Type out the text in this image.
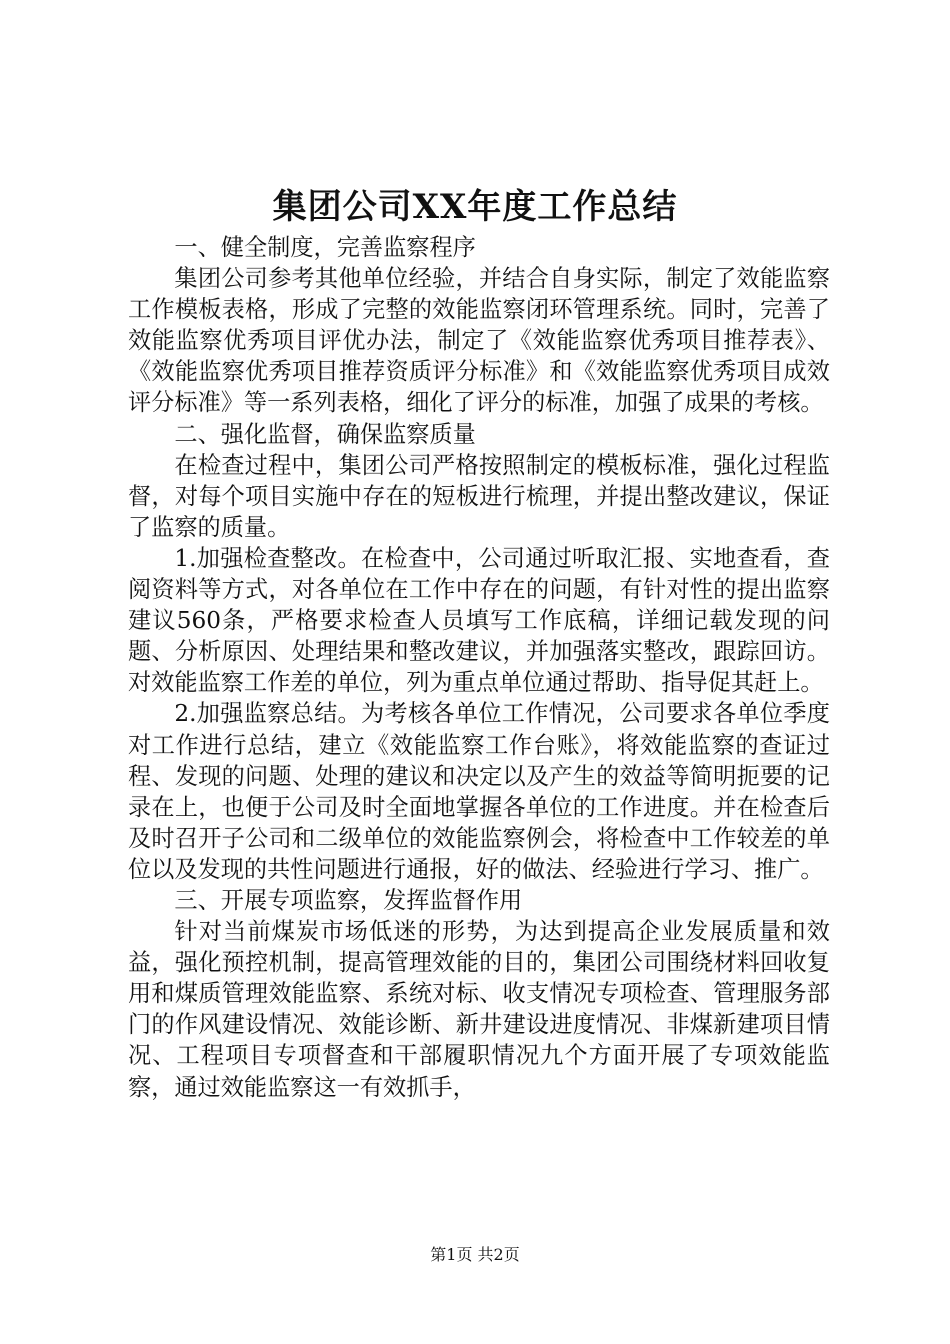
集团公司XX年度工作总结

一、健全制度，完善监察程序

集团公司参考其他单位经验，并结合自身实际，制定了效能监察工作模板表格，形成了完整的效能监察闭环管理系统。同时，完善了效能监察优秀项目评优办法，制定了《效能监察优秀项目推荐表》、《效能监察优秀项目推荐资质评分标准》和《效能监察优秀项目成效评分标准》等一系列表格，细化了评分的标准，加强了成果的考核。

二、强化监督，确保监察质量

在检查过程中，集团公司严格按照制定的模板标准，强化过程监督，对每个项目实施中存在的短板进行梳理，并提出整改建议，保证了监察的质量。

1.加强检查整改。在检查中，公司通过听取汇报、实地查看，查阅资料等方式，对各单位在工作中存在的问题，有针对性的提出监察建议560条，严格要求检查人员填写工作底稿，详细记载发现的问题、分析原因、处理结果和整改建议，并加强落实整改，跟踪回访。对效能监察工作差的单位，列为重点单位通过帮助、指导促其赶上。

2.加强监察总结。为考核各单位工作情况，公司要求各单位季度对工作进行总结，建立《效能监察工作台账》，将效能监察的查证过程、发现的问题、处理的建议和决定以及产生的效益等简明扼要的记录在上，也便于公司及时全面地掌握各单位的工作进度。并在检查后及时召开子公司和二级单位的效能监察例会，将检查中工作较差的单位以及发现的共性问题进行通报，好的做法、经验进行学习、推广。

三、开展专项监察，发挥监督作用

针对当前煤炭市场低迷的形势，为达到提高企业发展质量和效益，强化预控机制，提高管理效能的目的，集团公司围绕材料回收复用和煤质管理效能监察、系统对标、收支情况专项检查、管理服务部门的作风建设情况、效能诊断、新井建设进度情况、非煤新建项目情况、工程项目专项督查和干部履职情况九个方面开展了专项效能监察，通过效能监察这一有效抓手，

第1页 共2页
